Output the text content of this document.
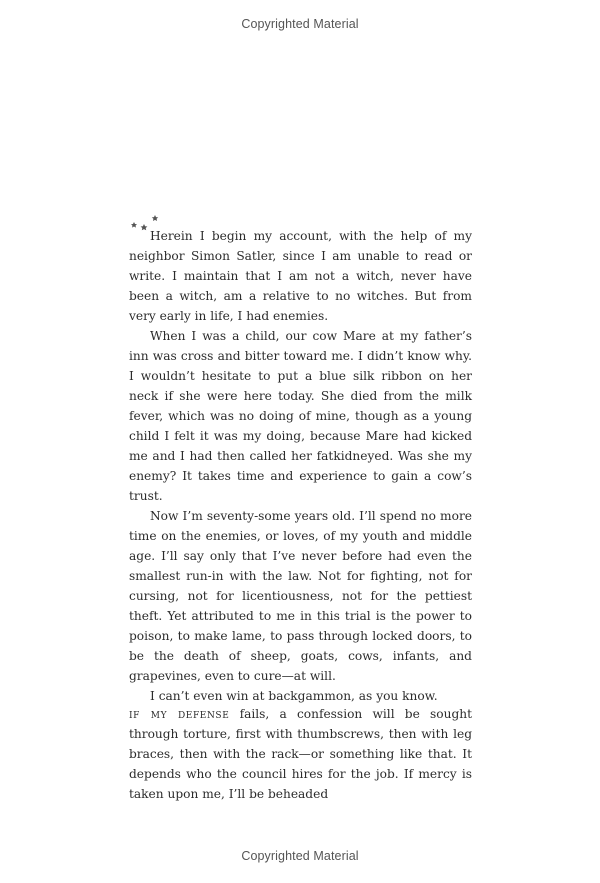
Copyrighted Material

Herein I begin my account, with the help of my neighbor Simon Satler, since I am unable to read or write. I maintain that I am not a witch, never have been a witch, am a relative to no witches. But from very early in life, I had enemies.

When I was a child, our cow Mare at my father’s inn was cross and bitter toward me. I didn’t know why. I wouldn’t hesitate to put a blue silk ribbon on her neck if she were here today. She died from the milk fever, which was no doing of mine, though as a young child I felt it was my doing, because Mare had kicked me and I had then called her fatkidneyed. Was she my enemy? It takes time and experience to gain a cow’s trust.

Now I’m seventy-some years old. I’ll spend no more time on the enemies, or loves, of my youth and middle age. I’ll say only that I’ve never before had even the smallest run-in with the law. Not for fighting, not for cursing, not for licentiousness, not for the pettiest theft. Yet attributed to me in this trial is the power to poison, to make lame, to pass through locked doors, to be the death of sheep, goats, cows, infants, and grapevines, even to cure—at will.

I can’t even win at backgammon, as you know.

if my defense fails, a confession will be sought through torture, first with thumbscrews, then with leg braces, then with the rack—or something like that. It depends who the council hires for the job. If mercy is taken upon me, I’ll be beheaded

Copyrighted Material
